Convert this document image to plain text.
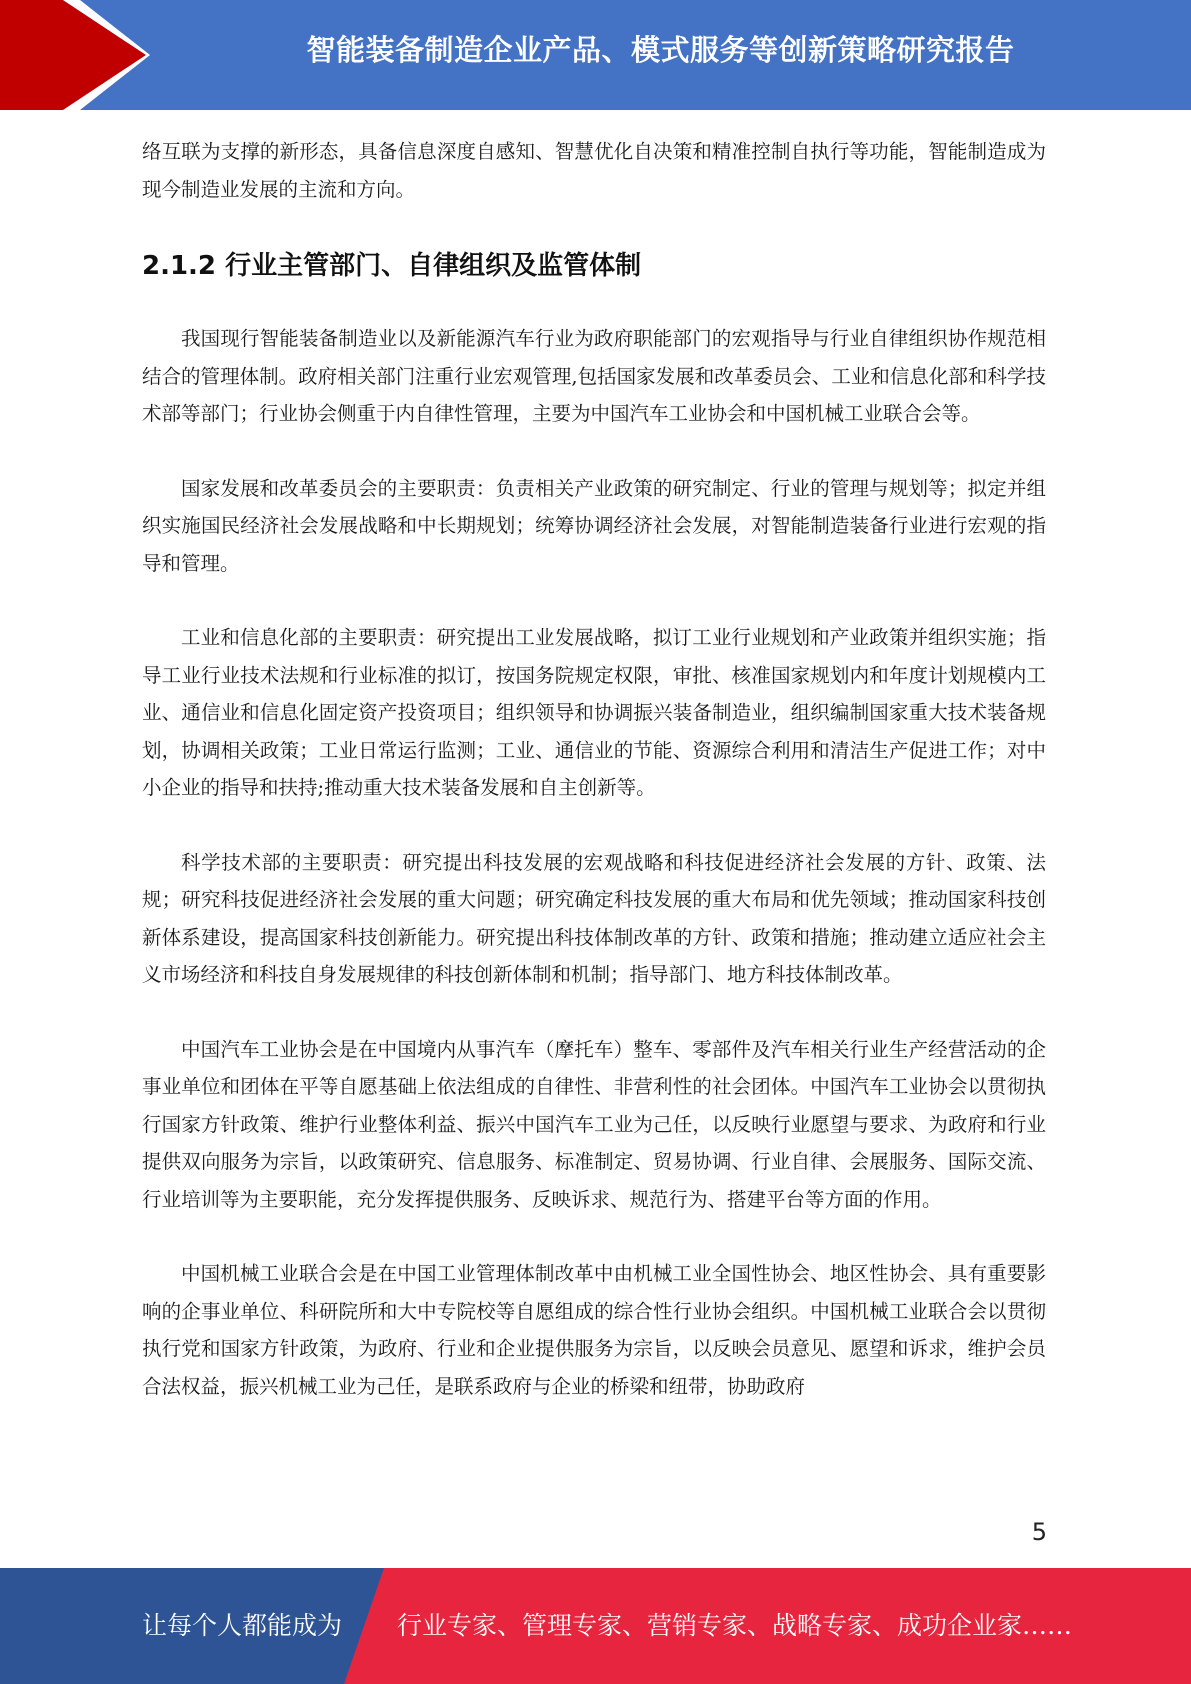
智能装备制造企业产品、模式服务等创新策略研究报告

络互联为支撑的新形态，具备信息深度自感知、智慧优化自决策和精准控制自执行等功能，智能制造成为现今制造业发展的主流和方向。

2.1.2 行业主管部门、自律组织及监管体制

我国现行智能装备制造业以及新能源汽车行业为政府职能部门的宏观指导与行业自律组织协作规范相结合的管理体制。政府相关部门注重行业宏观管理,包括国家发展和改革委员会、工业和信息化部和科学技术部等部门；行业协会侧重于内自律性管理，主要为中国汽车工业协会和中国机械工业联合会等。

国家发展和改革委员会的主要职责：负责相关产业政策的研究制定、行业的管理与规划等；拟定并组织实施国民经济社会发展战略和中长期规划；统筹协调经济社会发展，对智能制造装备行业进行宏观的指导和管理。

工业和信息化部的主要职责：研究提出工业发展战略，拟订工业行业规划和产业政策并组织实施；指导工业行业技术法规和行业标准的拟订，按国务院规定权限，审批、核准国家规划内和年度计划规模内工业、通信业和信息化固定资产投资项目；组织领导和协调振兴装备制造业，组织编制国家重大技术装备规划，协调相关政策；工业日常运行监测；工业、通信业的节能、资源综合利用和清洁生产促进工作；对中小企业的指导和扶持;推动重大技术装备发展和自主创新等。

科学技术部的主要职责：研究提出科技发展的宏观战略和科技促进经济社会发展的方针、政策、法规；研究科技促进经济社会发展的重大问题；研究确定科技发展的重大布局和优先领域；推动国家科技创新体系建设，提高国家科技创新能力。研究提出科技体制改革的方针、政策和措施；推动建立适应社会主义市场经济和科技自身发展规律的科技创新体制和机制；指导部门、地方科技体制改革。

中国汽车工业协会是在中国境内从事汽车（摩托车）整车、零部件及汽车相关行业生产经营活动的企事业单位和团体在平等自愿基础上依法组成的自律性、非营利性的社会团体。中国汽车工业协会以贯彻执行国家方针政策、维护行业整体利益、振兴中国汽车工业为己任，以反映行业愿望与要求、为政府和行业提供双向服务为宗旨，以政策研究、信息服务、标准制定、贸易协调、行业自律、会展服务、国际交流、行业培训等为主要职能，充分发挥提供服务、反映诉求、规范行为、搭建平台等方面的作用。

中国机械工业联合会是在中国工业管理体制改革中由机械工业全国性协会、地区性协会、具有重要影响的企事业单位、科研院所和大中专院校等自愿组成的综合性行业协会组织。中国机械工业联合会以贯彻执行党和国家方针政策，为政府、行业和企业提供服务为宗旨，以反映会员意见、愿望和诉求，维护会员合法权益，振兴机械工业为己任，是联系政府与企业的桥梁和纽带，协助政府

5
让每个人都能成为 行业专家、管理专家、营销专家、战略专家、成功企业家……
